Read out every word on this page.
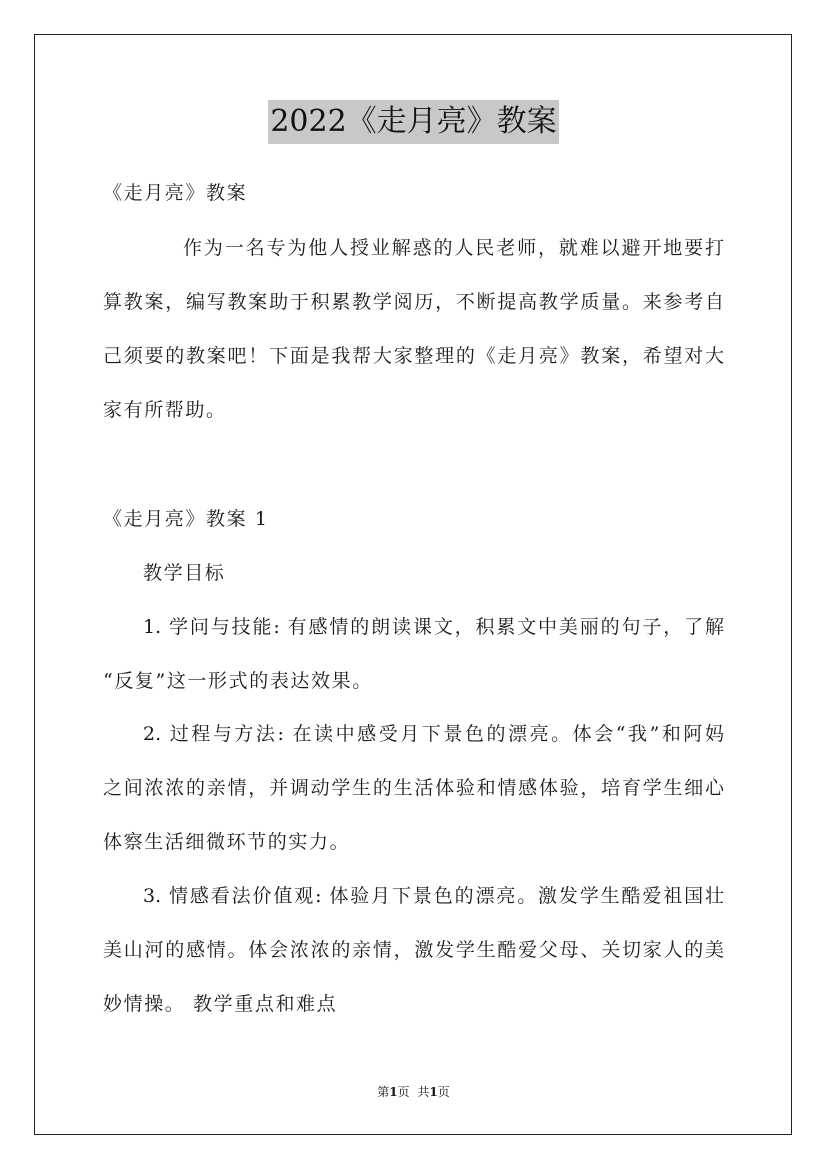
2022《走月亮》教案
《走月亮》教案
作为一名专为他人授业解惑的人民老师，就难以避开地要打
算教案，编写教案助于积累教学阅历，不断提高教学质量。来参考自
己须要的教案吧！下面是我帮大家整理的《走月亮》教案，希望对大
家有所帮助。
《走月亮》教案 1
教学目标
1. 学问与技能: 有感情的朗读课文，积累文中美丽的句子，了解
“反复”这一形式的表达效果。
2. 过程与方法: 在读中感受月下景色的漂亮。体会“我”和阿妈
之间浓浓的亲情，并调动学生的生活体验和情感体验，培育学生细心
体察生活细微环节的实力。
3. 情感看法价值观: 体验月下景色的漂亮。激发学生酷爱祖国壮
美山河的感情。体会浓浓的亲情，激发学生酷爱父母、关切家人的美
妙情操。 教学重点和难点
第1页 共1页
